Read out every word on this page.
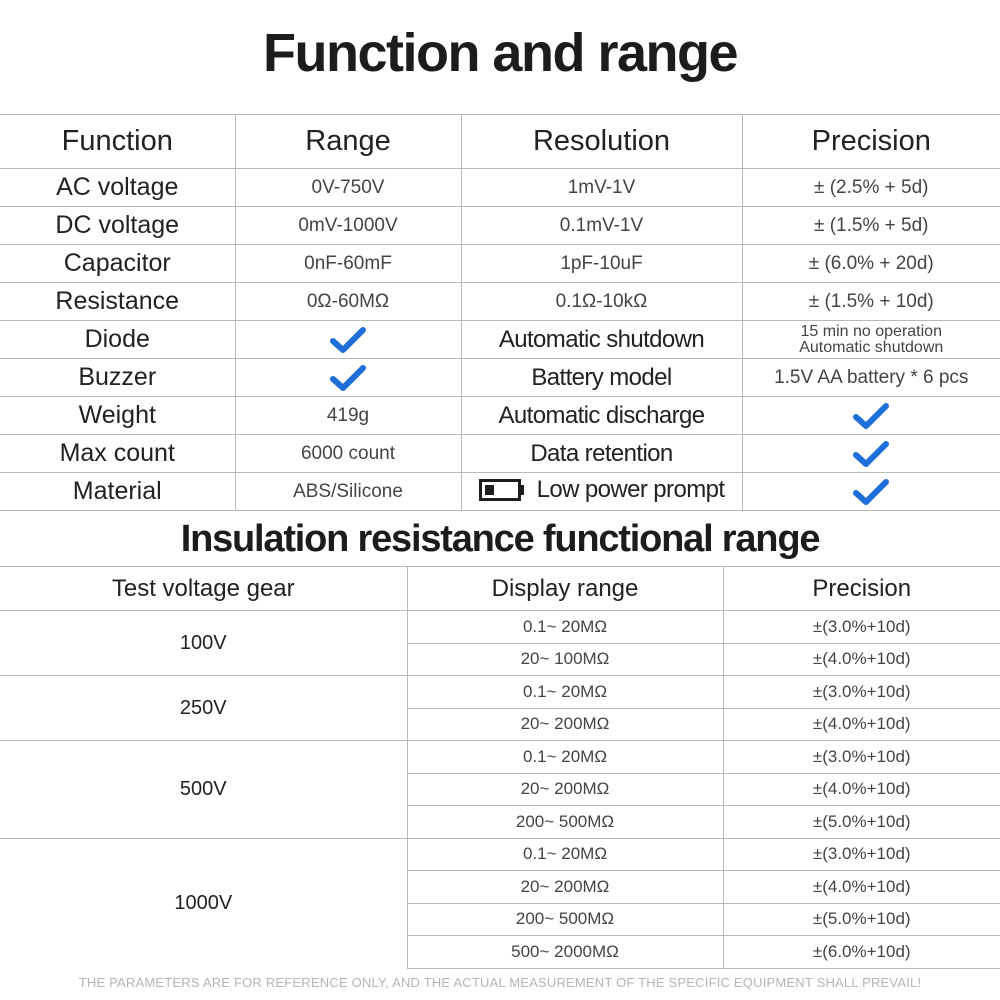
Function and range
Function	Range	Resolution	Precision
AC voltage	0V-750V	1mV-1V	± (2.5% + 5d)
DC voltage	0mV-1000V	0.1mV-1V	± (1.5% + 5d)
Capacitor	0nF-60mF	1pF-10uF	± (6.0% + 20d)
Resistance	0Ω-60MΩ	0.1Ω-10kΩ	± (1.5% + 10d)
Diode		Automatic shutdown	15 min no operation
Automatic shutdown

Buzzer		Battery model	1.5V AA battery * 6 pcs
Weight	419g	Automatic discharge	
Max count	6000 count	Data retention	
Material	ABS/Silicone	Low power prompt

Insulation resistance functional range
Test voltage gear	Display range	Precision
100V	0.1~ 20MΩ	±(3.0%+10d)
	20~ 100MΩ	±(4.0%+10d)
250V	0.1~ 20MΩ	±(3.0%+10d)
	20~ 200MΩ	±(4.0%+10d)
500V	0.1~ 20MΩ	±(3.0%+10d)
	20~ 200MΩ	±(4.0%+10d)
	200~ 500MΩ	±(5.0%+10d)
1000V	0.1~ 20MΩ	±(3.0%+10d)
	20~ 200MΩ	±(4.0%+10d)
	200~ 500MΩ	±(5.0%+10d)
	500~ 2000MΩ	±(6.0%+10d)
THE PARAMETERS ARE FOR REFERENCE ONLY, AND THE ACTUAL MEASUREMENT OF THE SPECIFIC EQUIPMENT SHALL PREVAIL!
